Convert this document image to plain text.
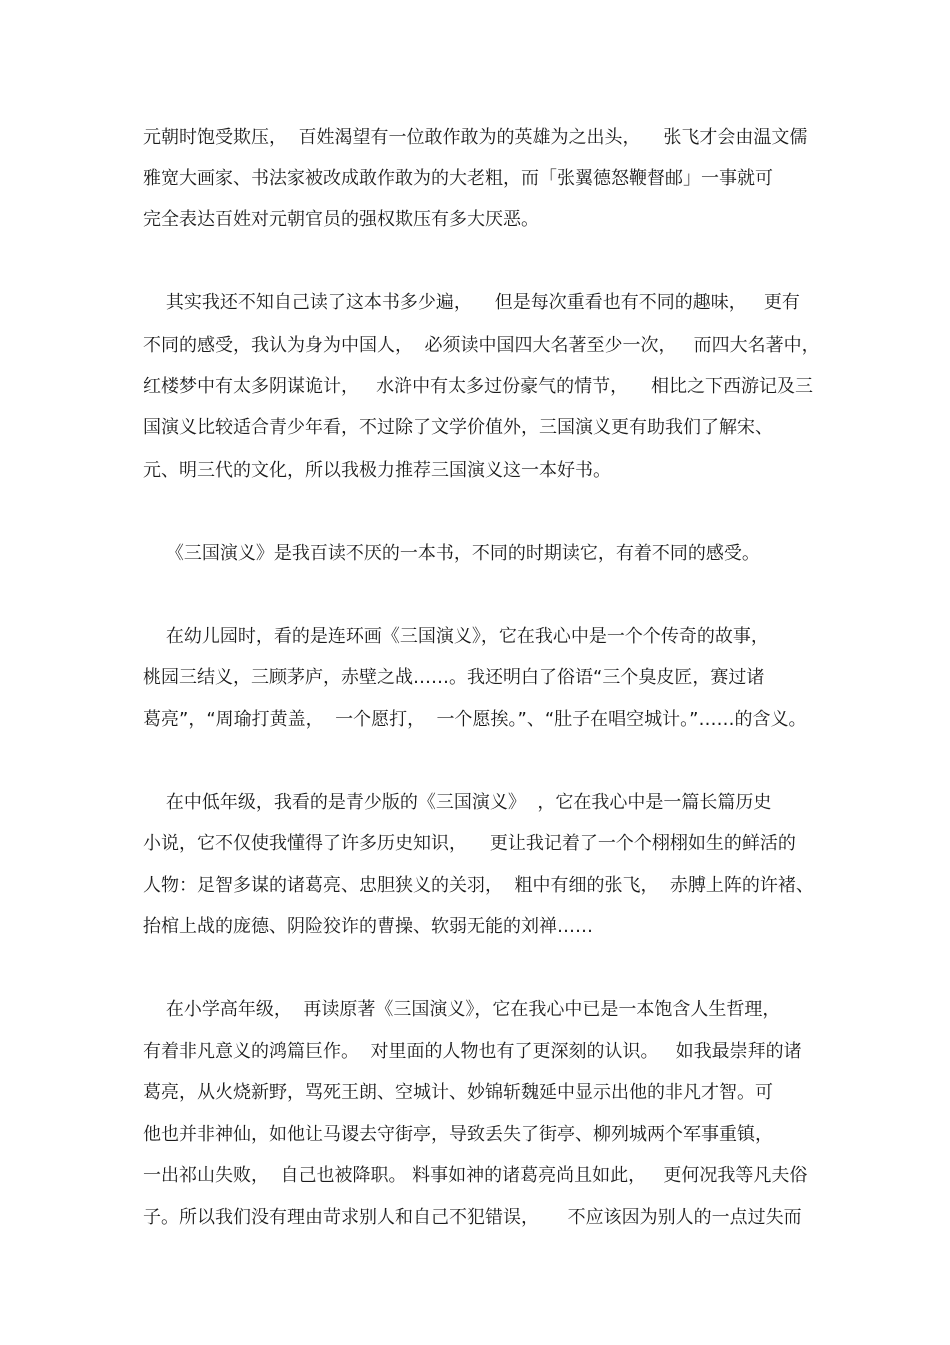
元朝时饱受欺压，  百姓渴望有一位敢作敢为的英雄为之出头，    张飞才会由温文儒
雅宽大画家、书法家被改成敢作敢为的大老粗，而「张翼德怒鞭督邮」一事就可
完全表达百姓对元朝官员的强权欺压有多大厌恶。
其实我还不知自己读了这本书多少遍，    但是每次重看也有不同的趣味，   更有
不同的感受，我认为身为中国人，  必须读中国四大名著至少一次，   而四大名著中，
红楼梦中有太多阴谋诡计，   水浒中有太多过份豪气的情节，    相比之下西游记及三
国演义比较适合青少年看，不过除了文学价值外，三国演义更有助我们了解宋、
元、明三代的文化，所以我极力推荐三国演义这一本好书。
《三国演义》是我百读不厌的一本书，不同的时期读它，有着不同的感受。
在幼儿园时，看的是连环画《三国演义》，它在我心中是一个个传奇的故事，
桃园三结义，三顾茅庐，赤壁之战……。我还明白了俗语“三个臭皮匠，赛过诸
葛亮”，“周瑜打黄盖，  一个愿打，  一个愿挨。”、“肚子在唱空城计。”……的含义。
在中低年级，我看的是青少版的《三国演义》  ，它在我心中是一篇长篇历史
小说，它不仅使我懂得了许多历史知识，    更让我记着了一个个栩栩如生的鲜活的
人物：足智多谋的诸葛亮、忠胆狭义的关羽，  粗中有细的张飞，  赤膊上阵的许褚、
抬棺上战的庞德、阴险狡诈的曹操、软弱无能的刘禅……
在小学高年级，  再读原著《三国演义》，它在我心中已是一本饱含人生哲理，
有着非凡意义的鸿篇巨作。  对里面的人物也有了更深刻的认识。   如我最崇拜的诸
葛亮，从火烧新野，骂死王朗、空城计、妙锦斩魏延中显示出他的非凡才智。可
他也并非神仙，如他让马谡去守街亭，导致丢失了街亭、柳列城两个军事重镇，
一出祁山失败，  自己也被降职。 料事如神的诸葛亮尚且如此，   更何况我等凡夫俗
子。所以我们没有理由苛求别人和自己不犯错误，     不应该因为别人的一点过失而
